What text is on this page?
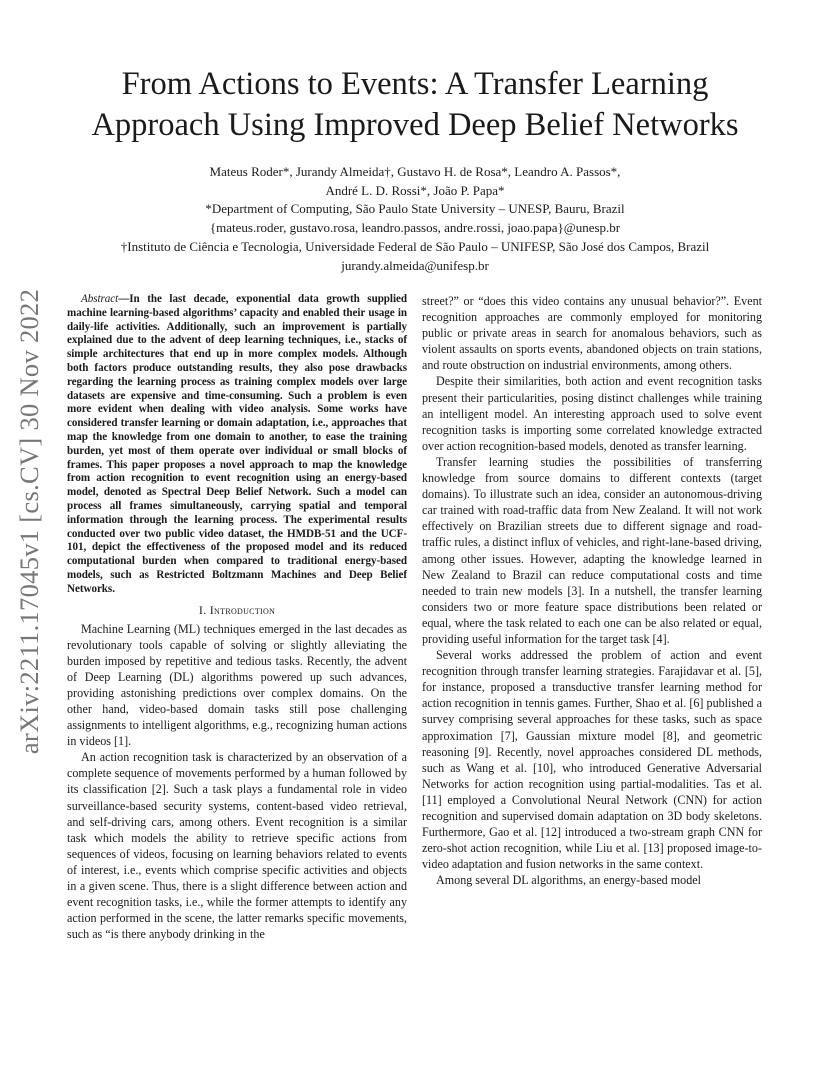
arXiv:2211.17045v1 [cs.CV] 30 Nov 2022
From Actions to Events: A Transfer Learning
Approach Using Improved Deep Belief Networks
Mateus Roder*, Jurandy Almeida†, Gustavo H. de Rosa*, Leandro A. Passos*,
André L. D. Rossi*, João P. Papa*
*Department of Computing, São Paulo State University – UNESP, Bauru, Brazil
{mateus.roder, gustavo.rosa, leandro.passos, andre.rossi, joao.papa}@unesp.br
†Instituto de Ciência e Tecnologia, Universidade Federal de São Paulo – UNIFESP, São José dos Campos, Brazil
jurandy.almeida@unifesp.br

Abstract—In the last decade, exponential data growth supplied machine learning-based algorithms’ capacity and enabled their usage in daily-life activities. Additionally, such an improvement is partially explained due to the advent of deep learning techniques, i.e., stacks of simple architectures that end up in more complex models. Although both factors produce outstanding results, they also pose drawbacks regarding the learning process as training complex models over large datasets are expensive and time-consuming. Such a problem is even more evident when dealing with video analysis. Some works have considered transfer learning or domain adaptation, i.e., approaches that map the knowledge from one domain to another, to ease the training burden, yet most of them operate over individual or small blocks of frames. This paper proposes a novel approach to map the knowledge from action recognition to event recognition using an energy-based model, denoted as Spectral Deep Belief Network. Such a model can process all frames simultaneously, carrying spatial and temporal information through the learning process. The experimental results conducted over two public video dataset, the HMDB-51 and the UCF-101, depict the effectiveness of the proposed model and its reduced computational burden when compared to traditional energy-based models, such as Restricted Boltzmann Machines and Deep Belief Networks.

I. Introduction

Machine Learning (ML) techniques emerged in the last decades as revolutionary tools capable of solving or slightly alleviating the burden imposed by repetitive and tedious tasks. Recently, the advent of Deep Learning (DL) algorithms powered up such advances, providing astonishing predictions over complex domains. On the other hand, video-based domain tasks still pose challenging assignments to intelligent algorithms, e.g., recognizing human actions in videos [1].

An action recognition task is characterized by an observation of a complete sequence of movements performed by a human followed by its classification [2]. Such a task plays a fundamental role in video surveillance-based security systems, content-based video retrieval, and self-driving cars, among others. Event recognition is a similar task which models the ability to retrieve specific actions from sequences of videos, focusing on learning behaviors related to events of interest, i.e., events which comprise specific activities and objects in a given scene. Thus, there is a slight difference between action and event recognition tasks, i.e., while the former attempts to identify any action performed in the scene, the latter remarks specific movements, such as “is there anybody drinking in the

street?” or “does this video contains any unusual behavior?”. Event recognition approaches are commonly employed for monitoring public or private areas in search for anomalous behaviors, such as violent assaults on sports events, abandoned objects on train stations, and route obstruction on industrial environments, among others.

Despite their similarities, both action and event recognition tasks present their particularities, posing distinct challenges while training an intelligent model. An interesting approach used to solve event recognition tasks is importing some correlated knowledge extracted over action recognition-based models, denoted as transfer learning.

Transfer learning studies the possibilities of transferring knowledge from source domains to different contexts (target domains). To illustrate such an idea, consider an autonomous-driving car trained with road-traffic data from New Zealand. It will not work effectively on Brazilian streets due to different signage and road-traffic rules, a distinct influx of vehicles, and right-lane-based driving, among other issues. However, adapting the knowledge learned in New Zealand to Brazil can reduce computational costs and time needed to train new models [3]. In a nutshell, the transfer learning considers two or more feature space distributions been related or equal, where the task related to each one can be also related or equal, providing useful information for the target task [4].

Several works addressed the problem of action and event recognition through transfer learning strategies. Farajidavar et al. [5], for instance, proposed a transductive transfer learning method for action recognition in tennis games. Further, Shao et al. [6] published a survey comprising several approaches for these tasks, such as space approximation [7], Gaussian mixture model [8], and geometric reasoning [9]. Recently, novel approaches considered DL methods, such as Wang et al. [10], who introduced Generative Adversarial Networks for action recognition using partial-modalities. Tas et al. [11] employed a Convolutional Neural Network (CNN) for action recognition and supervised domain adaptation on 3D body skeletons. Furthermore, Gao et al. [12] introduced a two-stream graph CNN for zero-shot action recognition, while Liu et al. [13] proposed image-to-video adaptation and fusion networks in the same context.

Among several DL algorithms, an energy-based model
